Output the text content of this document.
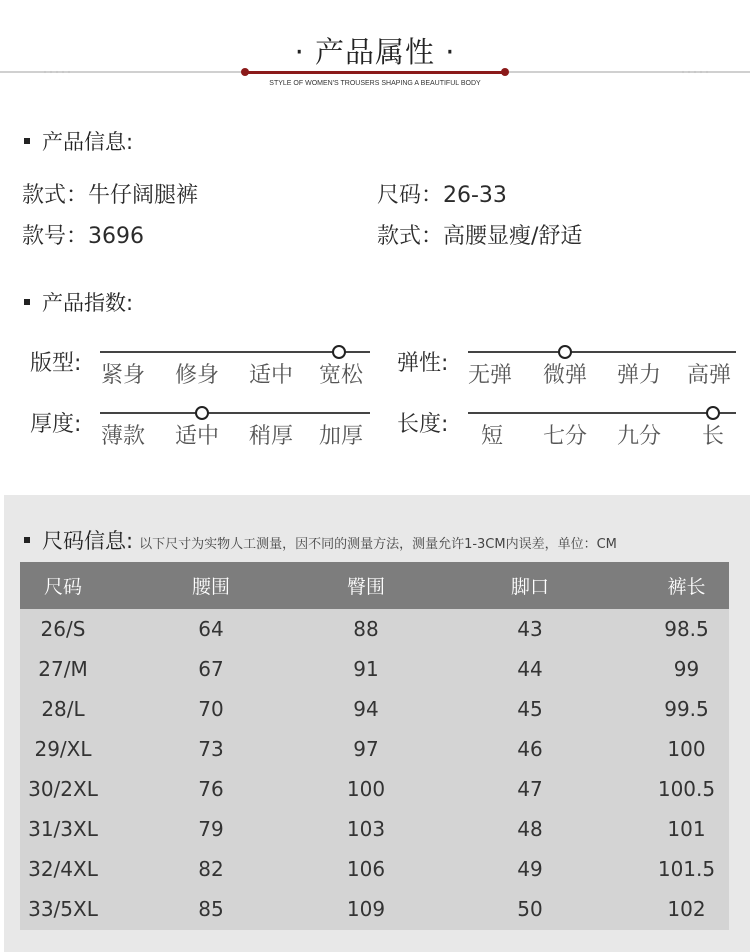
· 产品属性 ·
STYLE OF WOMEN'S TROUSERS SHAPING A BEAUTIFUL BODY
产品信息:
款式：牛仔阔腿裤	尺码：26-33
款号：3696	款式：高腰显瘦/舒适
产品指数:
版型: 紧身	修身	适中	宽松	弹性: 无弹	微弹	弹力	高弹
厚度: 薄款	适中	稍厚	加厚	长度:	短	七分	九分	长
尺码信息: 以下尺寸为实物人工测量，因不同的测量方法，测量允许1-3CM内误差，单位：CM
尺码	腰围	臀围	脚口	裤长
26/S	64	88	43	98.5
27/M	67	91	44	99
28/L	70	94	45	99.5
29/XL	73	97	46	100
30/2XL	76	100	47	100.5
31/3XL	79	103	48	101
32/4XL	82	106	49	101.5
33/5XL	85	109	50	102
